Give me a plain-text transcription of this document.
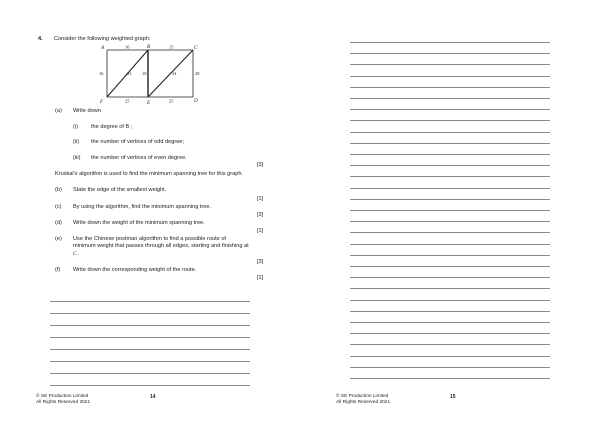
4. Consider the following weighted graph:
A	B	C
F	E	D
16	15
16	23 18	34	28
25	25
(a) Write down
(i) the degree of B ;
(ii) the number of vertices of odd degree;
(iii) the number of vertices of even degree.
[3]
Kruskal’s algorithm is used to find the minimum spanning tree for this graph.
(b) State the edge of the smallest weight.
[1]
(c) By using the algorithm, find the minimum spanning tree.
[3]
(d) Write down the weight of the minimum spanning tree.
[1]
(e) Use the Chinese postman algorithm to find a possible route of
minimum weight that passes through all edges, starting and finishing at
C .
[3]
(f) Write down the corresponding weight of the route.
[1]
© SE Production Limited
All Rights Reserved 2021
14	© SE Production Limited
All Rights Reserved 2021
15
